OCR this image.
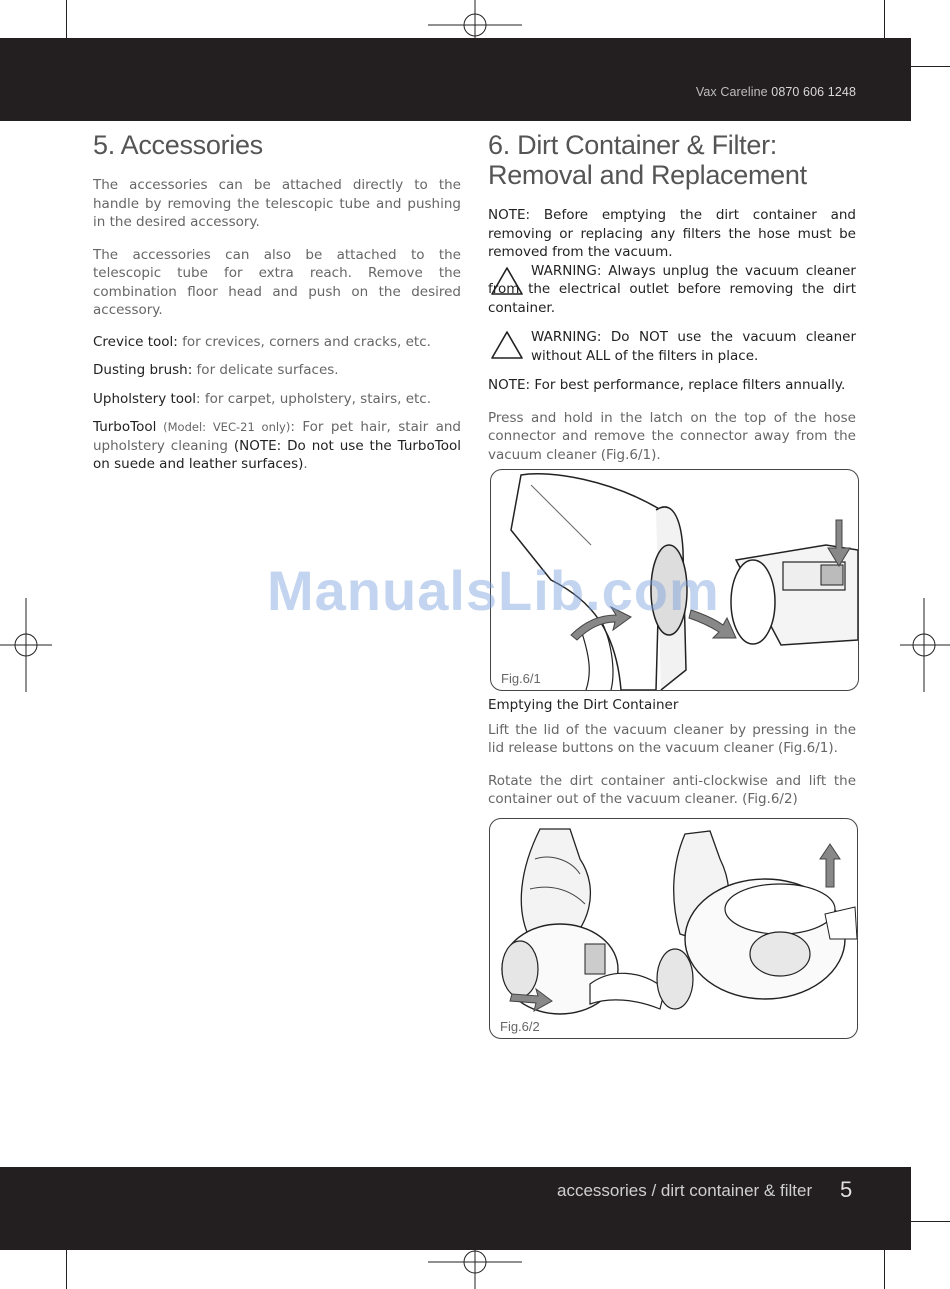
Vax Careline 0870 606 1248
5. Accessories

The accessories can be attached directly to the handle by removing the telescopic tube and pushing in the desired accessory.

The accessories can also be attached to the telescopic tube for extra reach. Remove the combination floor head and push on the desired accessory.

Crevice tool: for crevices, corners and cracks, etc.

Dusting brush: for delicate surfaces.

Upholstery tool: for carpet, upholstery, stairs, etc.

TurboTool (Model: VEC-21 only): For pet hair, stair and upholstery cleaning (NOTE: Do not use the TurboTool on suede and leather surfaces).

6. Dirt Container & Filter:
Removal and Replacement

NOTE: Before emptying the dirt container and removing or replacing any filters the hose must be removed from the vacuum.

WARNING: Always unplug the vacuum cleaner from the electrical outlet before removing the dirt container.

WARNING: Do NOT use the vacuum cleaner without ALL of the filters in place.

NOTE: For best performance, replace filters annually.

Press and hold in the latch on the top of the hose connector and remove the connector away from the vacuum cleaner (Fig.6/1).

Fig.6/1

Emptying the Dirt Container

Lift the lid of the vacuum cleaner by pressing in the lid release buttons on the vacuum cleaner (Fig.6/1).

Rotate the dirt container anti-clockwise and lift the container out of the vacuum cleaner. (Fig.6/2)

Fig.6/2
ManualsLib.com
accessories / dirt container & filter 5
